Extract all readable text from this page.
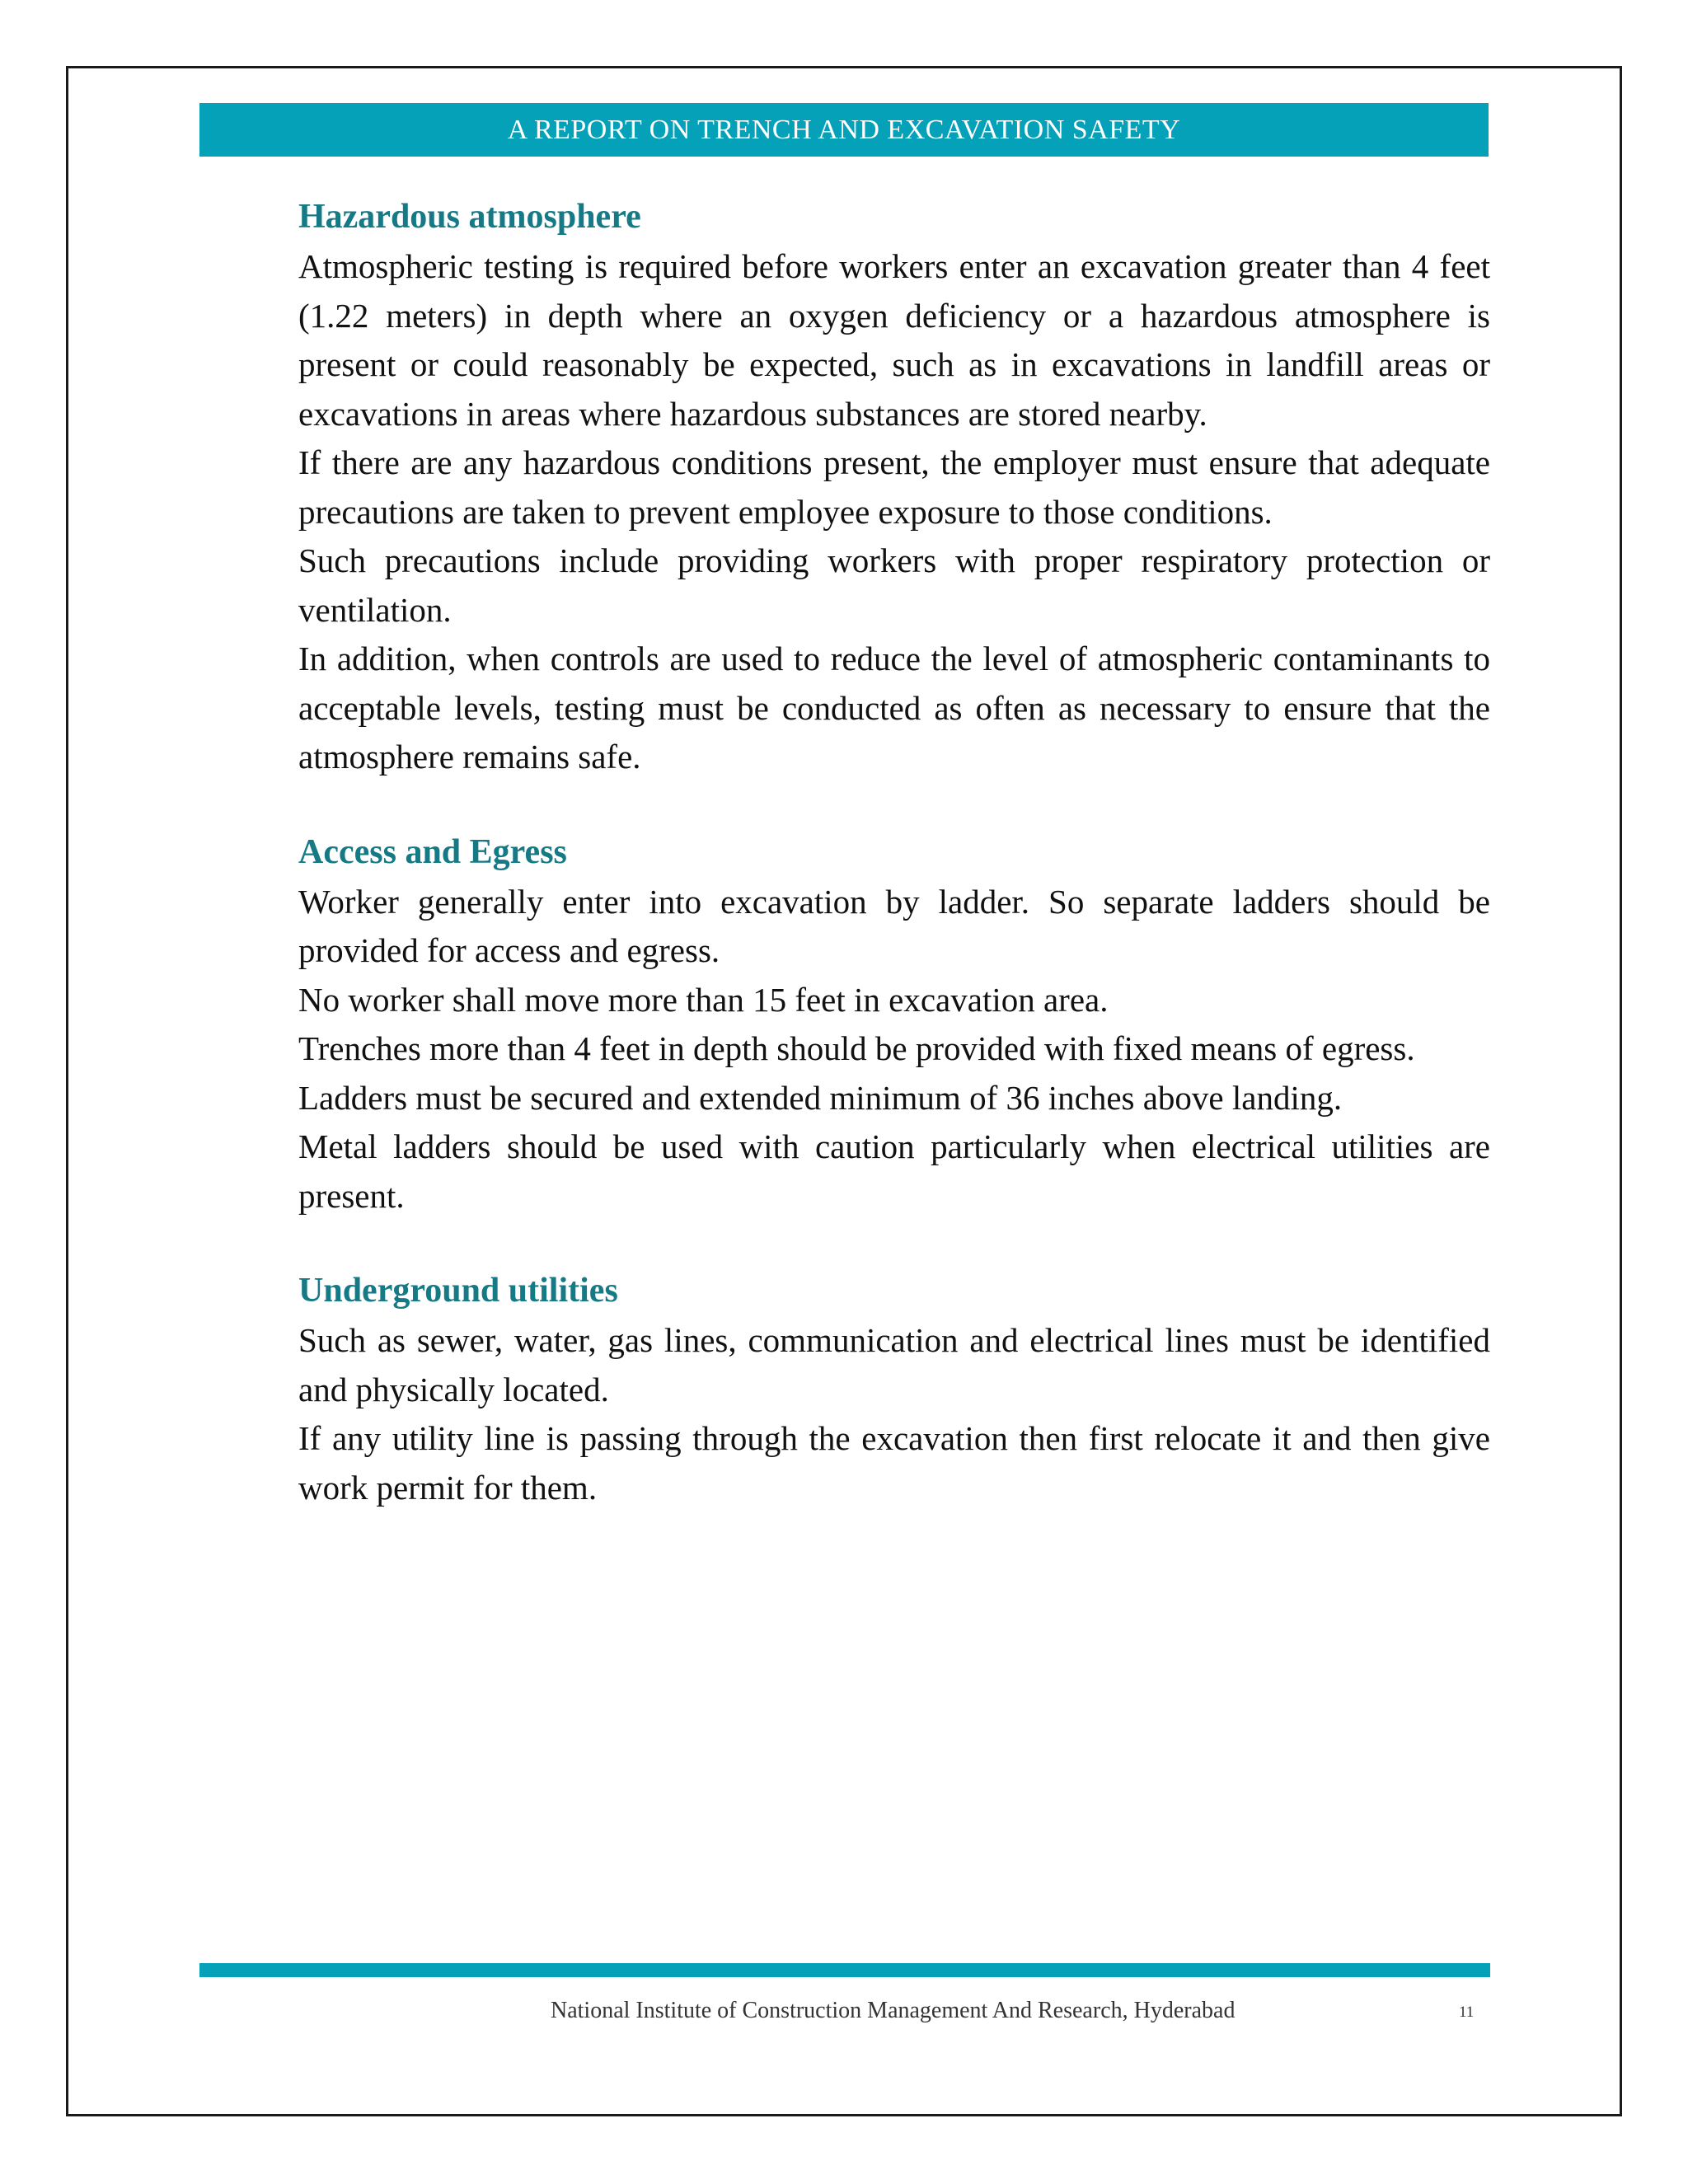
A REPORT ON TRENCH AND EXCAVATION SAFETY
Hazardous atmosphere

Atmospheric testing is required before workers enter an excavation greater than 4 feet (1.22 meters) in depth where an oxygen deficiency or a hazardous atmosphere is present or could reasonably be expected, such as in excavations in landfill areas or excavations in areas where hazardous substances are stored nearby.

If there are any hazardous conditions present, the employer must ensure that adequate precautions are taken to prevent employee exposure to those conditions.

Such precautions include providing workers with proper respiratory protection or ventilation.

In addition, when controls are used to reduce the level of atmospheric contaminants to acceptable levels, testing must be conducted as often as necessary to ensure that the atmosphere remains safe.

Access and Egress

Worker generally enter into excavation by ladder. So separate ladders should be provided for access and egress.

No worker shall move more than 15 feet in excavation area.

Trenches more than 4 feet in depth should be provided with fixed means of egress.

Ladders must be secured and extended minimum of 36 inches above landing.

Metal ladders should be used with caution particularly when electrical utilities are present.

Underground utilities

Such as sewer, water, gas lines, communication and electrical lines must be identified and physically located.

If any utility line is passing through the excavation then first relocate it and then give work permit for them.

National Institute of Construction Management And Research, Hyderabad	11
